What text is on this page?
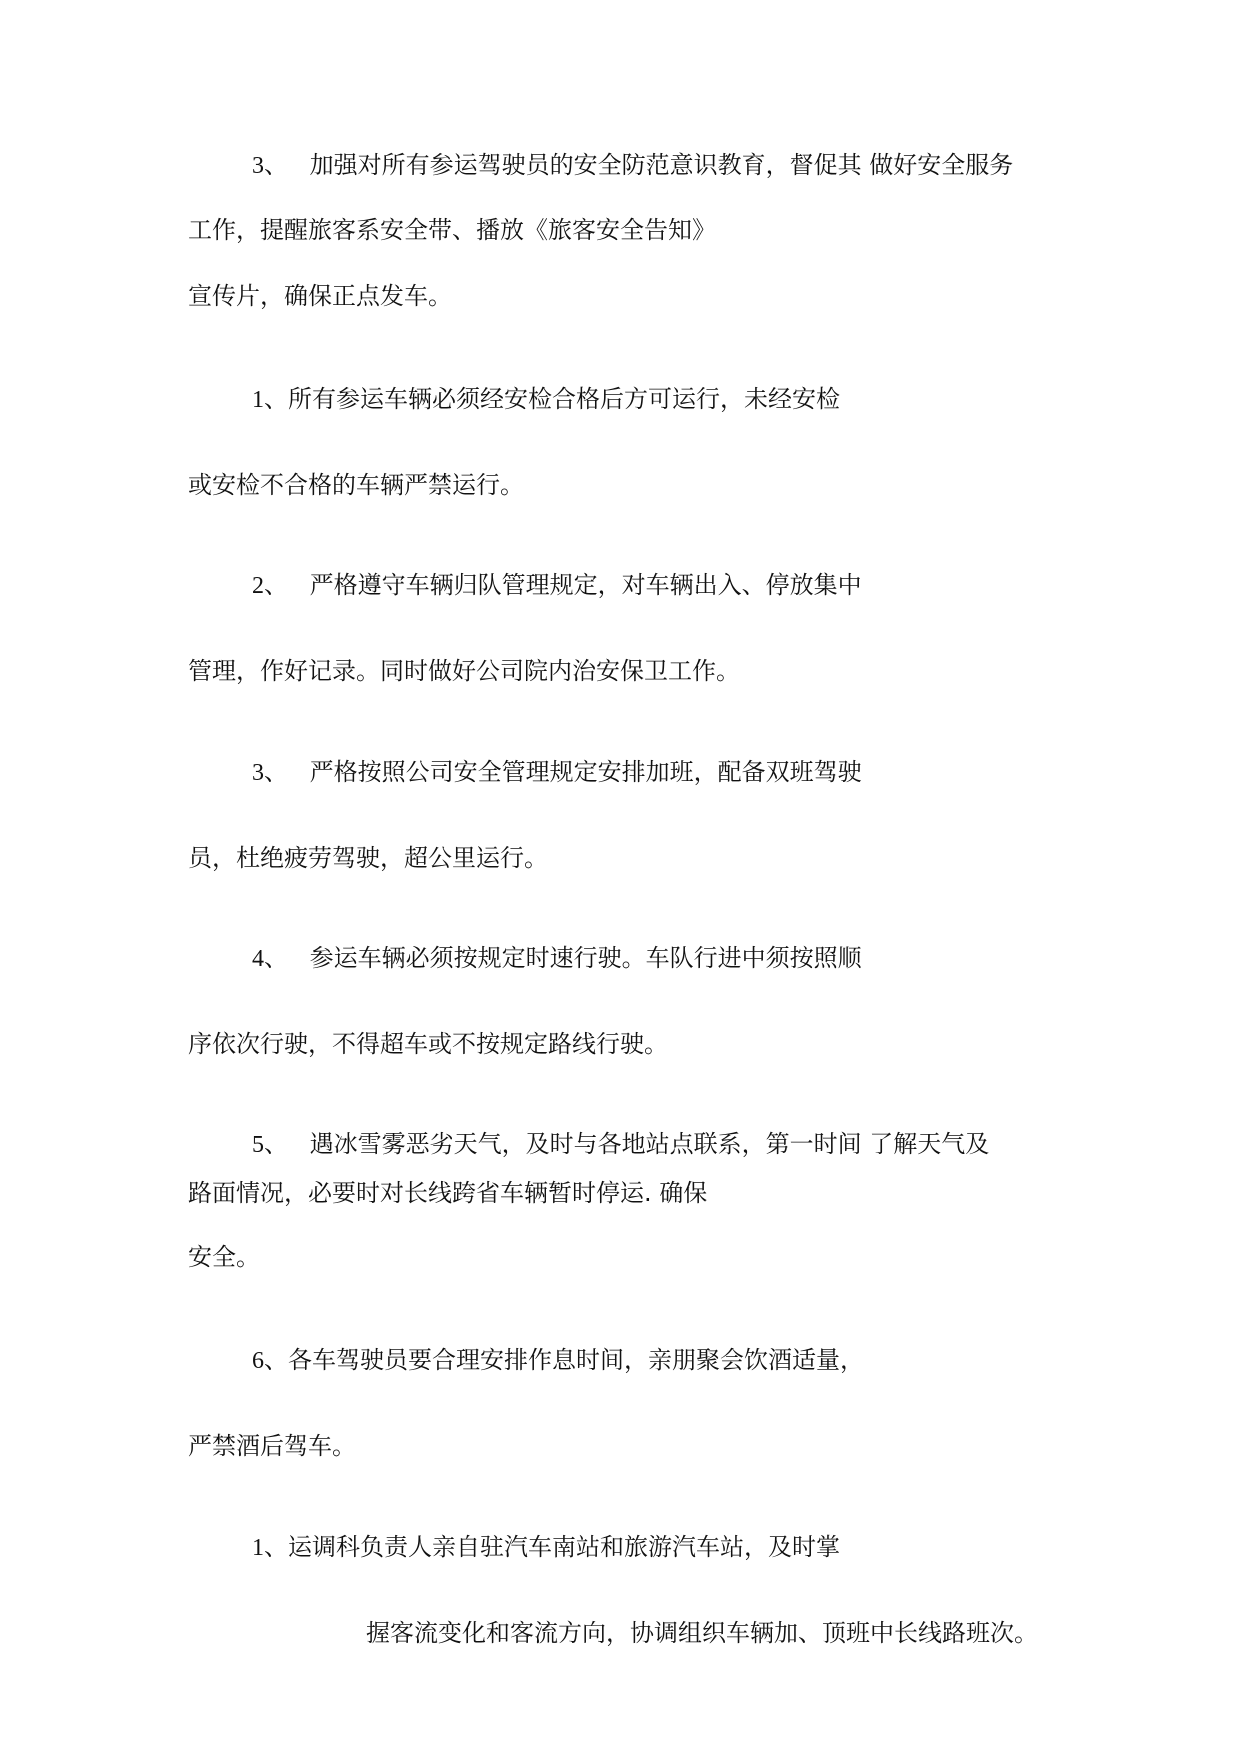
3、 加强对所有参运驾驶员的安全防范意识教育，督促其 做好安全服务

工作，提醒旅客系安全带、播放《旅客安全告知》

宣传片，确保正点发车。

1、所有参运车辆必须经安检合格后方可运行，未经安检

或安检不合格的车辆严禁运行。

2、 严格遵守车辆归队管理规定，对车辆出入、停放集中

管理，作好记录。同时做好公司院内治安保卫工作。

3、 严格按照公司安全管理规定安排加班，配备双班驾驶

员，杜绝疲劳驾驶，超公里运行。

4、 参运车辆必须按规定时速行驶。车队行进中须按照顺

序依次行驶，不得超车或不按规定路线行驶。

5、 遇冰雪雾恶劣天气，及时与各地站点联系，第一时间 了解天气及

路面情况，必要时对长线跨省车辆暂时停运. 确保

安全。

6、各车驾驶员要合理安排作息时间，亲朋聚会饮酒适量，

严禁酒后驾车。

1、运调科负责人亲自驻汽车南站和旅游汽车站，及时掌

握客流变化和客流方向，协调组织车辆加、顶班中长线路班次。
